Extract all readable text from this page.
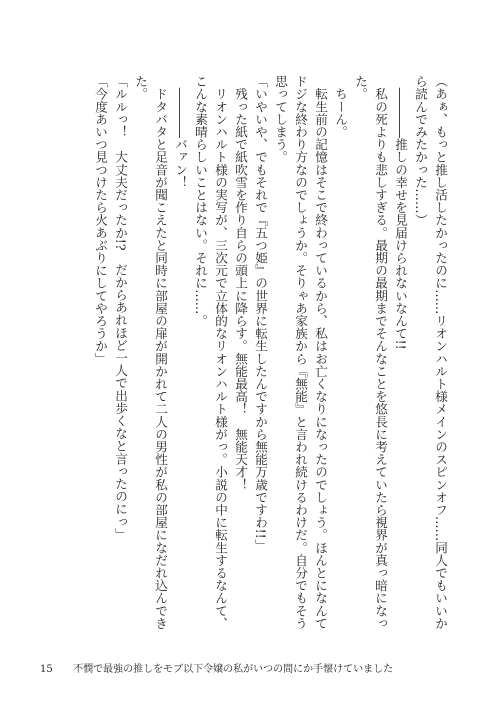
（あぁ、もっと推し活したかったのに……リオンハルト様メインのスピンオフ……同人でもいいか
ら読んでみたかった……）
　――――推しの幸せを見届けられないなんて!!
　私の死よりも悲しすぎる。最期の最期までそんなことを悠長に考えていたら視界が真っ暗になっ
た。
　ちーん。
　転生前の記憶はそこで終わっているから、私はお亡くなりになったのでしょう。ほんとになんて
ドジな終わり方なのでしょうか。そりゃあ家族から『無能』と言われ続けるわけだ。自分でもそう
思ってしまう。
「いやいや、でもそれで『五つ姫』の世界に転生したんですから無能万歳ですわ!!」
　残った紙で紙吹雪を作り自らの頭上に降らす。無能最高！　無能天才！
　リオンハルト様の実写が、三次元で立体的なリオンハルト様がっ。小説の中に転生するなんて、
こんな素晴らしいことはない。それに……。
　――――バァン！
　ドタバタと足音が聞こえたと同時に部屋の扉が開かれて二人の男性が私の部屋になだれ込んでき
た。
「ルルっ！　大丈夫だったか!?　だからあれほど一人で出歩くなと言ったのにっ」
「今度あいつ見つけたら火あぶりにしてやろうか」
15 不憫で最強の推しをモブ以下令嬢の私がいつの間にか手懐けていました
